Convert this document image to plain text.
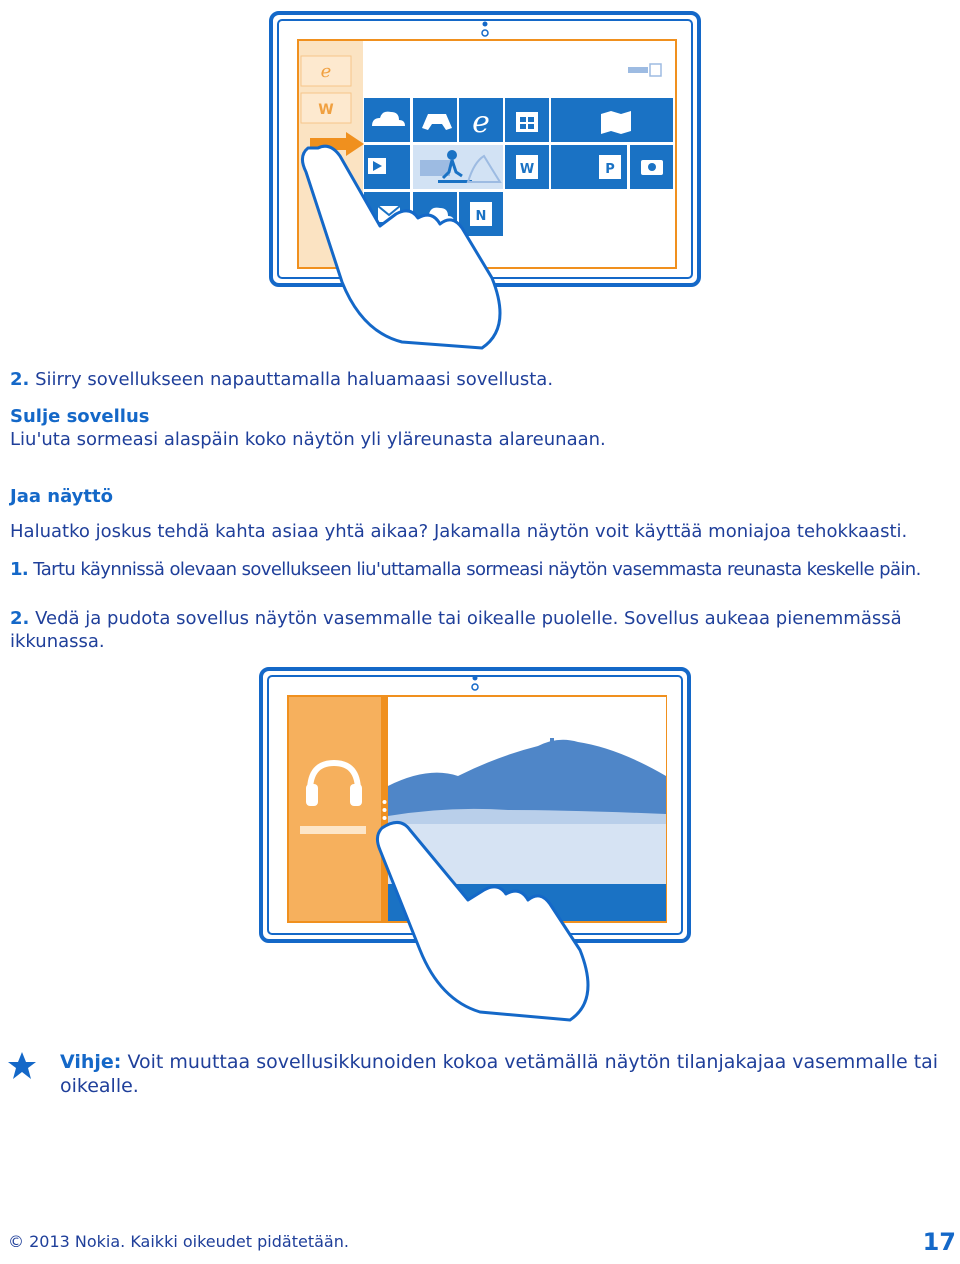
e
W	e
W	P
N

2. Siirry sovellukseen napauttamalla haluamaasi sovellusta.

Sulje sovellus
Liu'uta sormeasi alaspäin koko näytön yli yläreunasta alareunaan.

Jaa näyttö

Haluatko joskus tehdä kahta asiaa yhtä aikaa? Jakamalla näytön voit käyttää moniajoa tehokkaasti.

1. Tartu käynnissä olevaan sovellukseen liu'uttamalla sormeasi näytön vasemmasta reunasta keskelle päin.

2. Vedä ja pudota sovellus näytön vasemmalle tai oikealle puolelle. Sovellus aukeaa pienemmässä ikkunassa.

Vihje: Voit muuttaa sovellusikkunoiden kokoa vetämällä näytön tilanjakajaa vasemmalle tai oikealle.

© 2013 Nokia. Kaikki oikeudet pidätetään.	17
